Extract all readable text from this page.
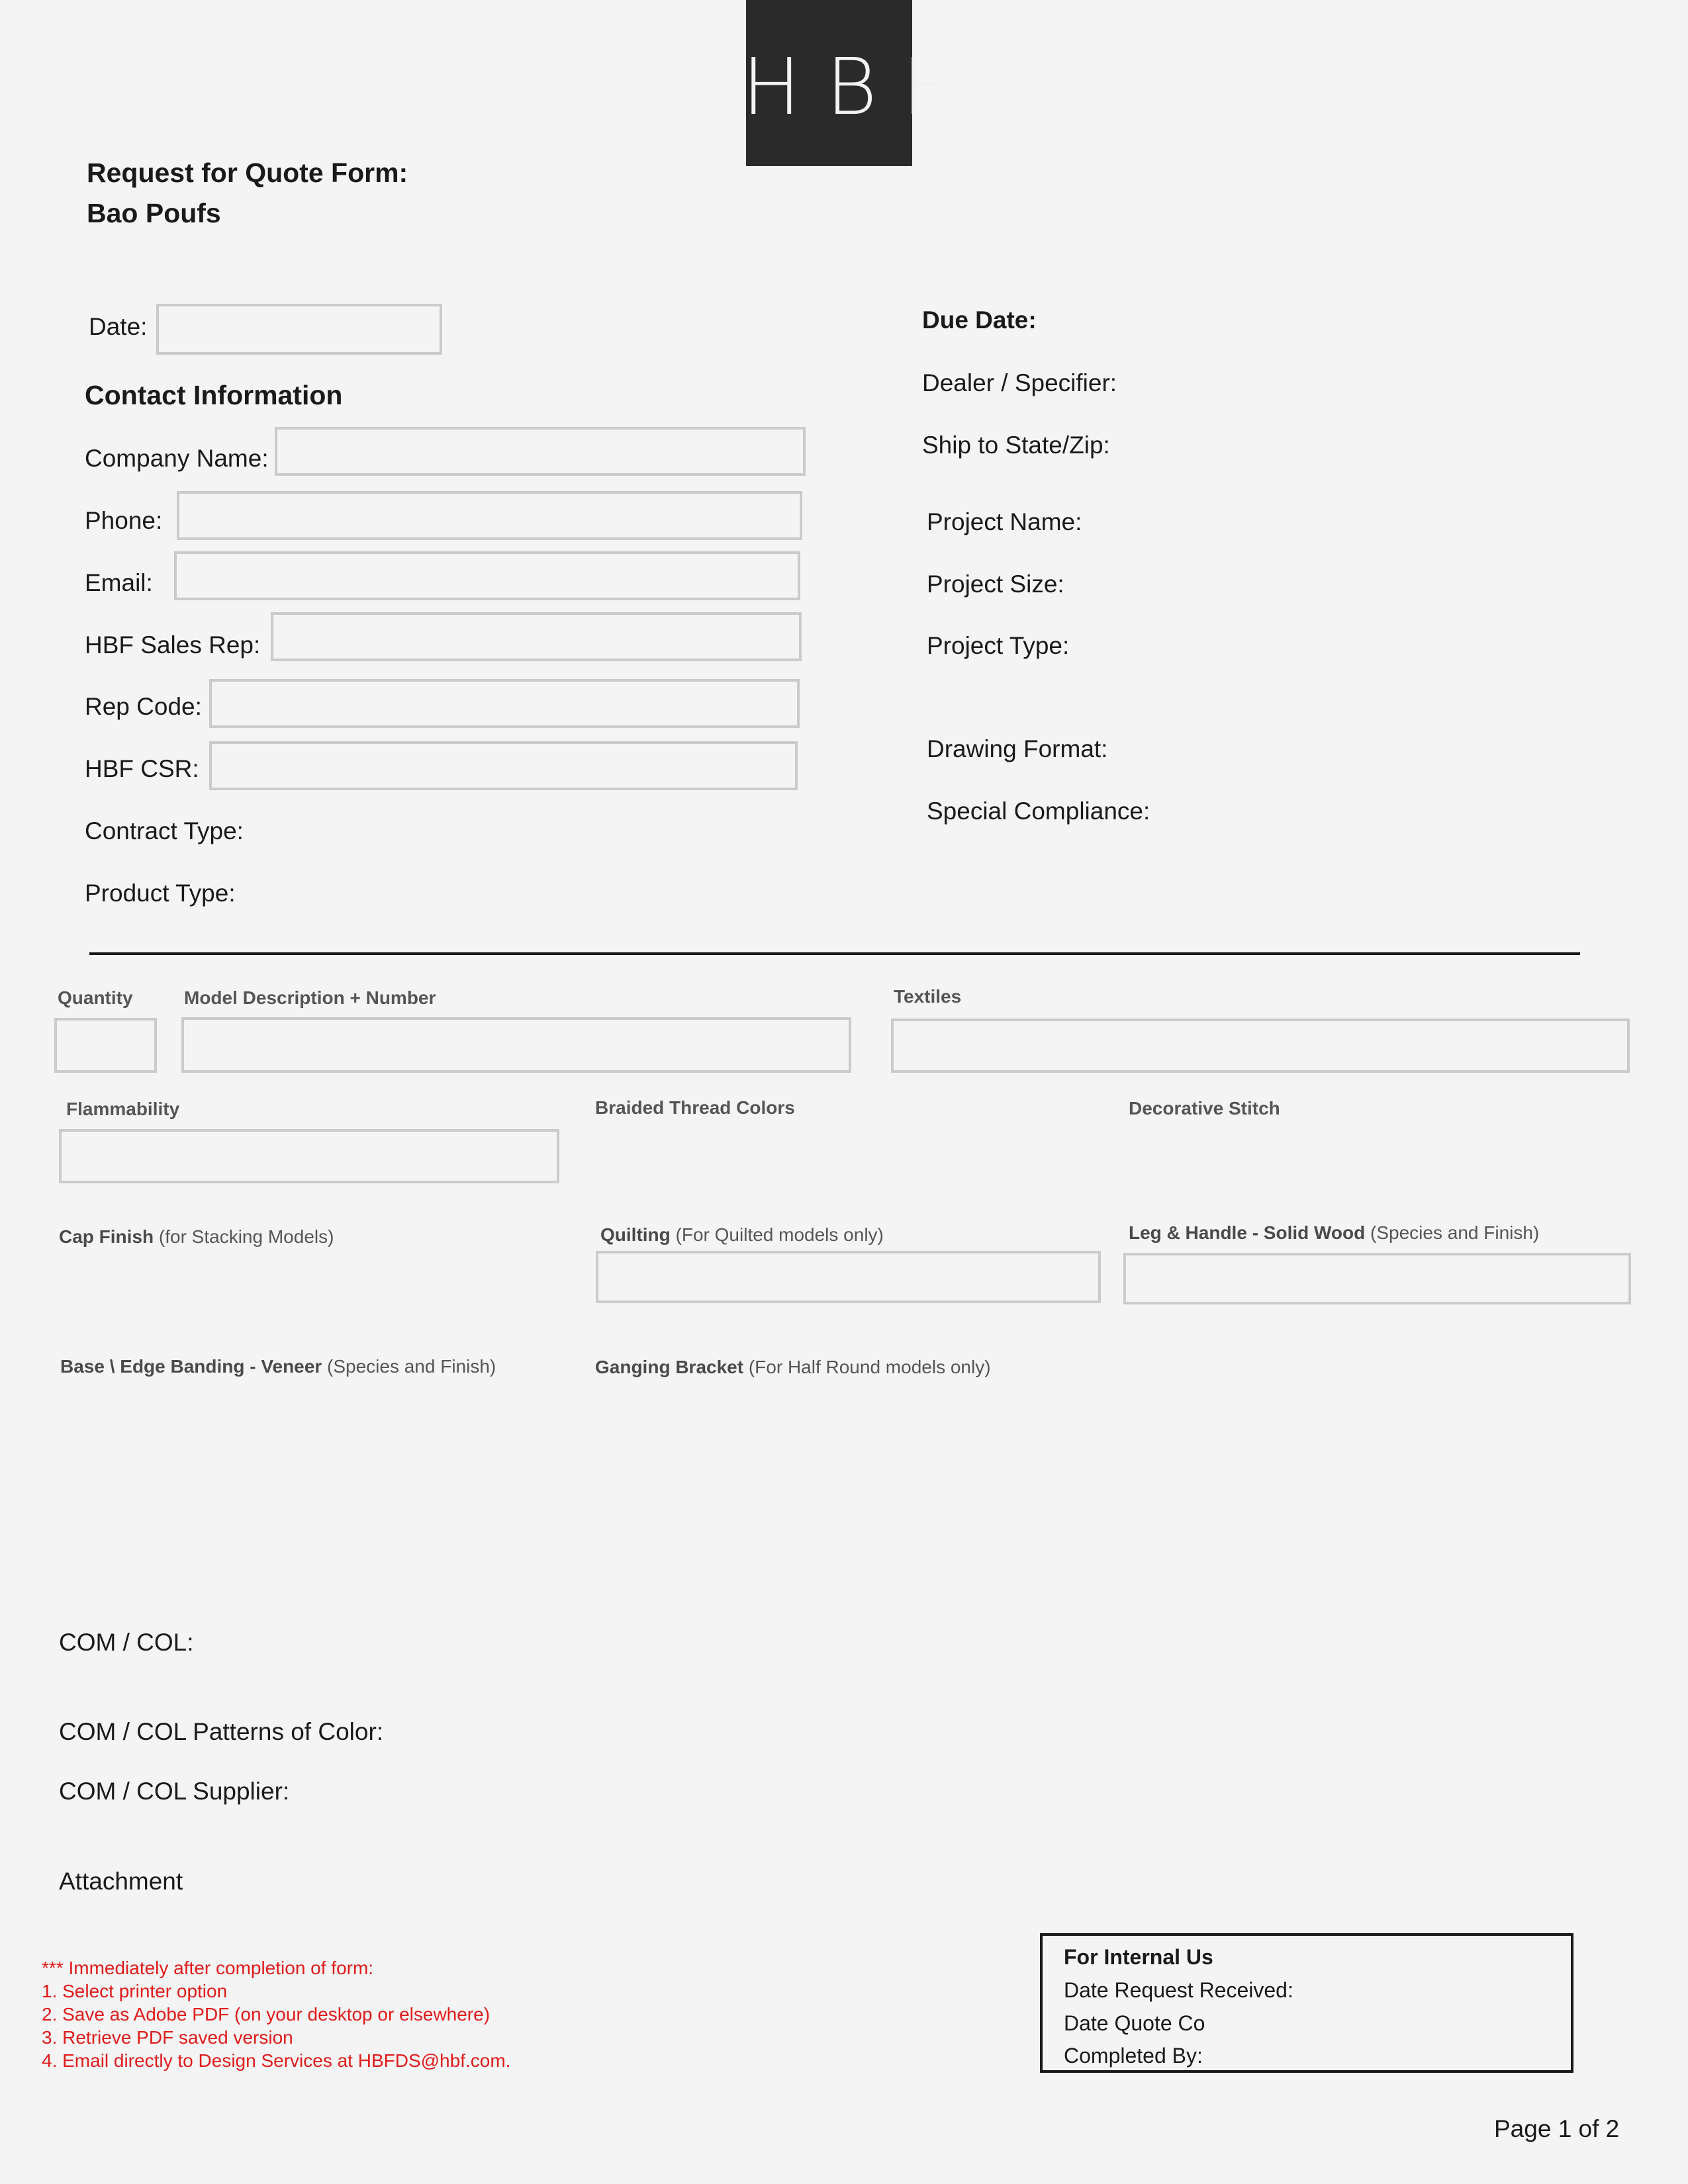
HBF
Request for Quote Form:
Bao Poufs
Date:
Contact Information
Company Name:
Phone:
Email:
HBF Sales Rep:
Rep Code:
HBF CSR:
Contract Type:
Product Type:
Due Date:
Dealer / Specifier:
Ship to State/Zip:
Project Name:
Project Size:
Project Type:
Drawing Format:
Special Compliance:
Quantity	Model Description + Number	Textiles
Flammability	Braided Thread Colors	Decorative Stitch
Cap Finish (for Stacking Models)	Quilting (For Quilted models only)	Leg & Handle - Solid Wood (Species and Finish)
Base \ Edge Banding - Veneer (Species and Finish)	Ganging Bracket (For Half Round models only)
COM / COL:
COM / COL Patterns of Color:
COM / COL Supplier:
Attachment
*** Immediately after completion of form:
1. Select printer option
2. Save as Adobe PDF (on your desktop or elsewhere)
3. Retrieve PDF saved version
4. Email directly to Design Services at HBFDS@hbf.com.
For Internal Us
Date Request Received:
Date Quote Co
Completed By:
Page 1 of 2
